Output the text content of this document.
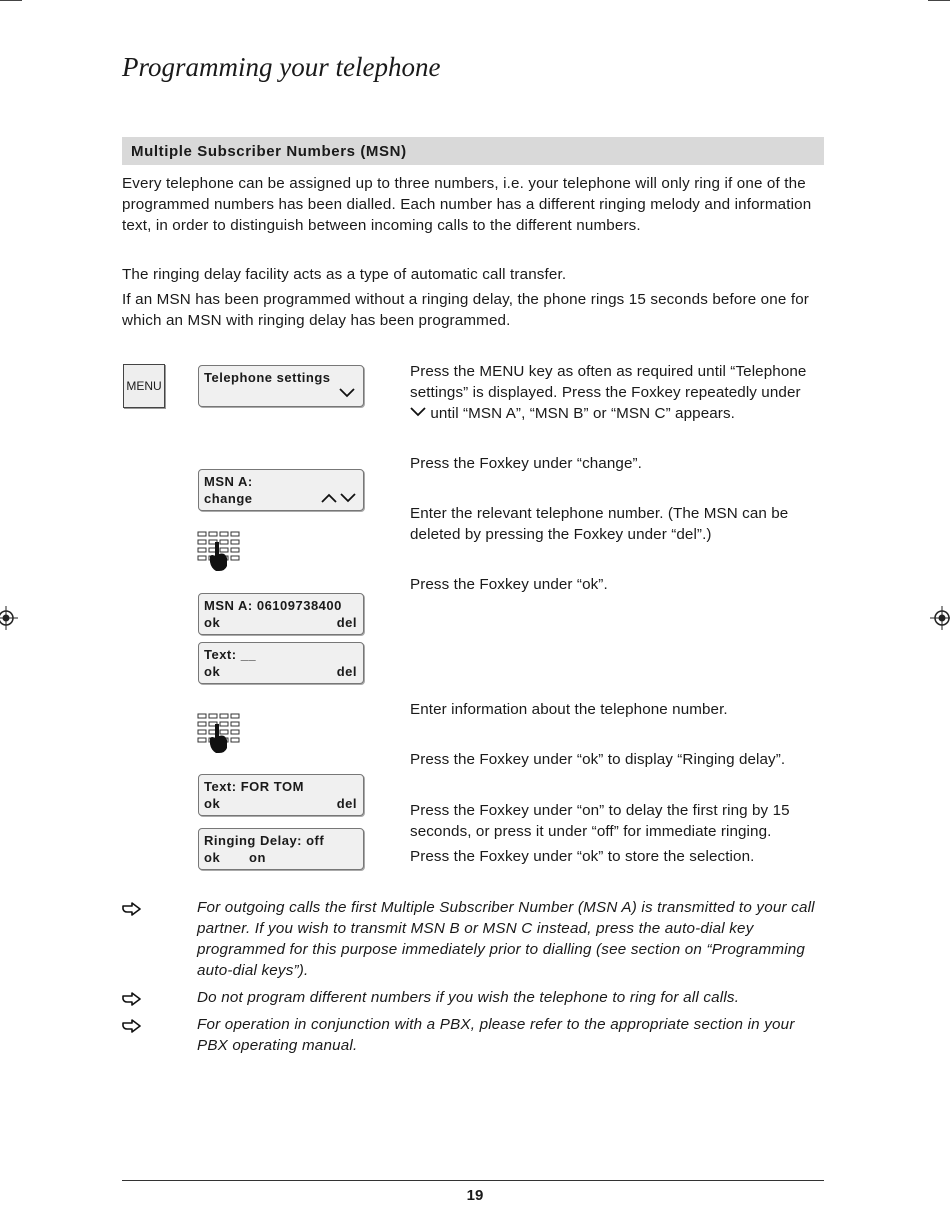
Programming your telephone
Multiple Subscriber Numbers (MSN)
Every telephone can be assigned up to three numbers, i.e. your telephone will only ring if one of the programmed numbers has been dialled. Each number has a different ringing melody and information text, in order to distinguish between incoming calls to the different numbers.
The ringing delay facility acts as a type of automatic call transfer.
If an MSN has been programmed without a ringing delay, the phone rings 15 seconds before one for which an MSN with ringing delay has been programmed.
MENU
Telephone settings
MSN A:
change
MSN A: 06109738400
ok	del
Text: __
ok	del
Text: FOR TOM
ok	del
Ringing Delay: off
ok on
Press the MENU key as often as required until “Telephone settings” is displayed. Press the Foxkey repeatedly under
until “MSN A”, “MSN B” or “MSN C” appears.
Press the Foxkey under “change”.
Enter the relevant telephone number. (The MSN can be deleted by pressing the Foxkey under “del”.)
Press the Foxkey under “ok”.
Enter information about the telephone number.
Press the Foxkey under “ok” to display “Ringing delay”.
Press the Foxkey under “on” to delay the first ring by 15 seconds, or press it under “off” for immediate ringing.
Press the Foxkey under “ok” to store the selection.
For outgoing calls the first Multiple Subscriber Number (MSN A) is transmitted to your call partner. If you wish to transmit MSN B or MSN C instead, press the auto-dial key programmed for this purpose immediately prior to dialling (see section on “Programming auto-dial keys”).
Do not program different numbers if you wish the telephone to ring for all calls.
For operation in conjunction with a PBX, please refer to the appropriate section in your PBX operating manual.
19
